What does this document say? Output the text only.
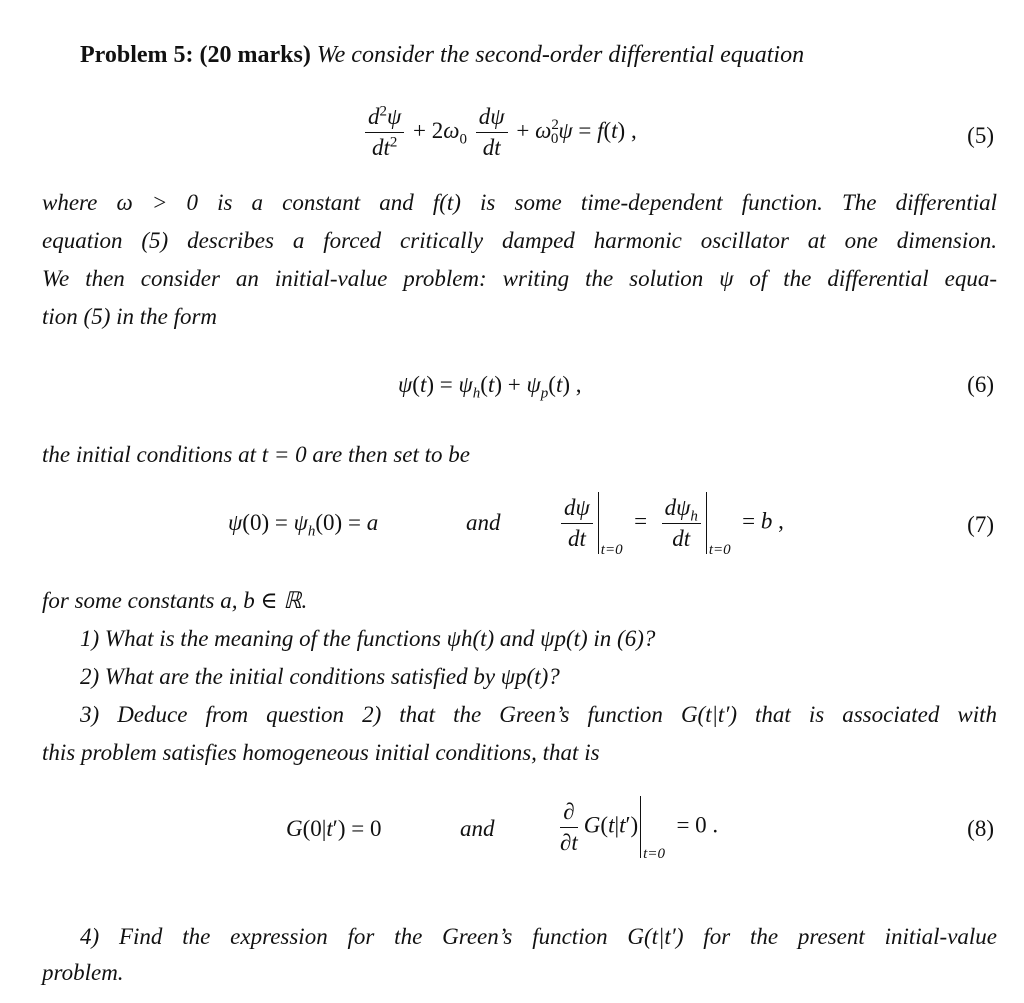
Problem 5: (20 marks) We consider the second-order differential equation
$\frac{d^2\psi}{dt^2} + 2\omega_0 \frac{d\psi}{dt} + \omega^2_0\psi = f(t)$ ,	(5)
where ω > 0 is a constant and f(t) is some time-dependent function. The differential
equation (5) describes a forced critically damped harmonic oscillator at one dimension.
We then consider an initial-value problem: writing the solution ψ of the differential equa-
tion (5) in the form
$\psi(t) = \psi_h(t) + \psi_p(t)$ ,	(6)
the initial conditions at t = 0 are then set to be
$\psi(0) = \psi_h(0) = a$	and	$\frac{d\psi}{dt} _{t=0} = \frac{d\psi_h}{dt} _{t=0} = b$ ,	(7)
for some constants a, b ∈ ℝ.
1) What is the meaning of the functions ψh(t) and ψp(t) in (6)?
2) What are the initial conditions satisfied by ψp(t)?
3) Deduce from question 2) that the Green’s function G(t|t′) that is associated with
this problem satisfies homogeneous initial conditions, that is
G(0|t′) = 0	and	$\frac{\partial}{\partial t} G(t|t')_{t=0} = 0$ .	(8)
4) Find the expression for the Green’s function G(t|t′) for the present initial-value
problem.
